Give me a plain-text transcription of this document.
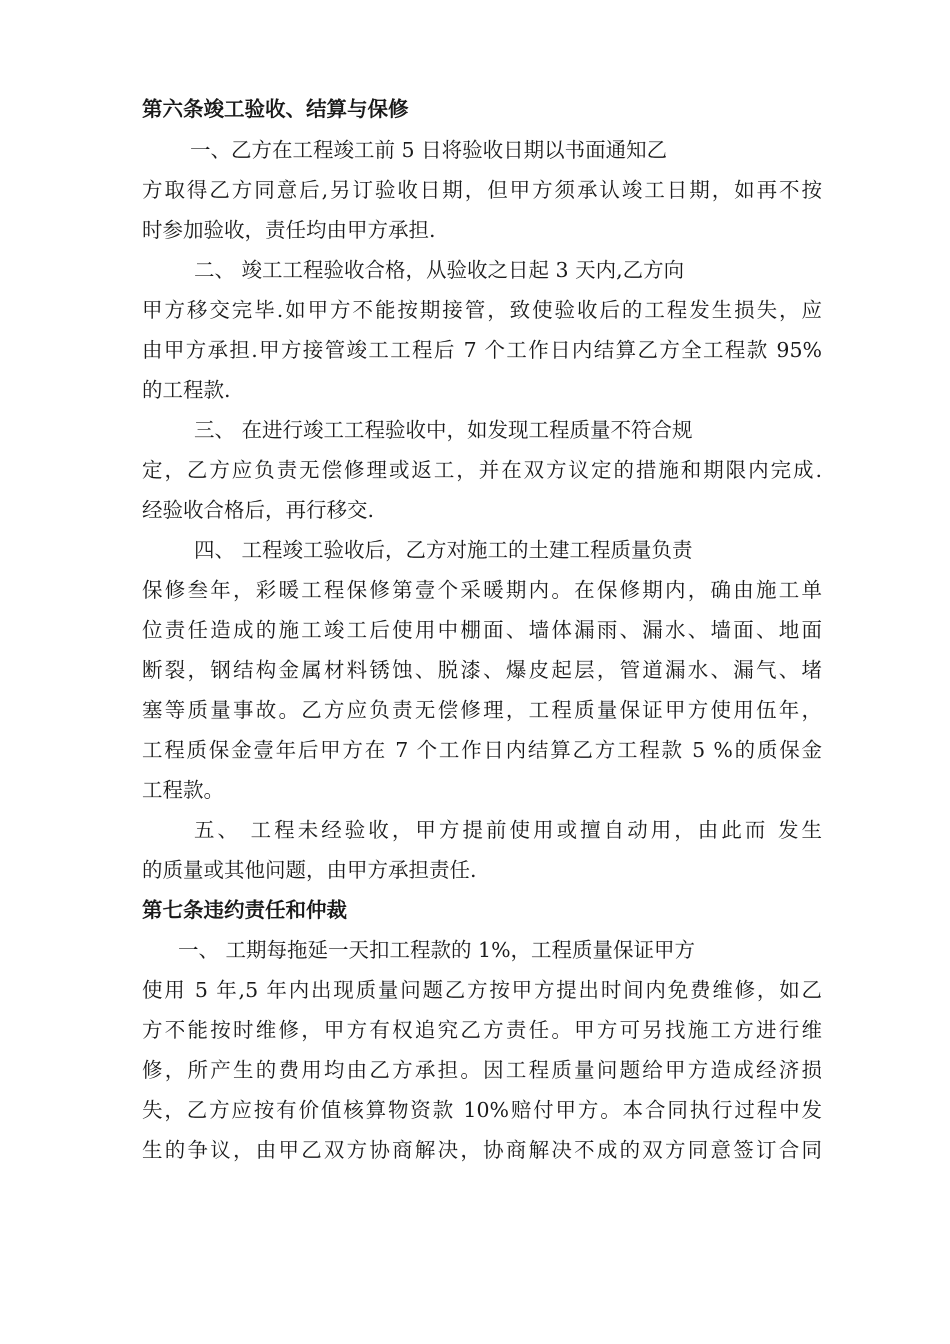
第六条竣工验收、结算与保修
一、乙方在工程竣工前 5 日将验收日期以书面通知乙
方取得乙方同意后,另订验收日期，但甲方须承认竣工日期，如再不按
时参加验收，责任均由甲方承担.
二、 竣工工程验收合格，从验收之日起 3 天内,乙方向
甲方移交完毕.如甲方不能按期接管，致使验收后的工程发生损失，应
由甲方承担.甲方接管竣工工程后 7 个工作日内结算乙方全工程款 95%
的工程款.
三、 在进行竣工工程验收中，如发现工程质量不符合规
定，乙方应负责无偿修理或返工，并在双方议定的措施和期限内完成.
经验收合格后，再行移交.
四、 工程竣工验收后，乙方对施工的土建工程质量负责
保修叁年，彩暖工程保修第壹个采暖期内。在保修期内，确由施工单
位责任造成的施工竣工后使用中棚面、墙体漏雨、漏水、墙面、地面
断裂，钢结构金属材料锈蚀、脱漆、爆皮起层，管道漏水、漏气、堵
塞等质量事故。乙方应负责无偿修理，工程质量保证甲方使用伍年，
工程质保金壹年后甲方在 7 个工作日内结算乙方工程款 5 %的质保金
工程款。
五、 工程未经验收，甲方提前使用或擅自动用，由此而 发生
的质量或其他问题，由甲方承担责任.
第七条违约责任和仲裁
一、 工期每拖延一天扣工程款的 1%，工程质量保证甲方
使用 5 年,5 年内出现质量问题乙方按甲方提出时间内免费维修，如乙
方不能按时维修，甲方有权追究乙方责任。甲方可另找施工方进行维
修，所产生的费用均由乙方承担。因工程质量问题给甲方造成经济损
失，乙方应按有价值核算物资款 10%赔付甲方。本合同执行过程中发
生的争议，由甲乙双方协商解决，协商解决不成的双方同意签订合同
